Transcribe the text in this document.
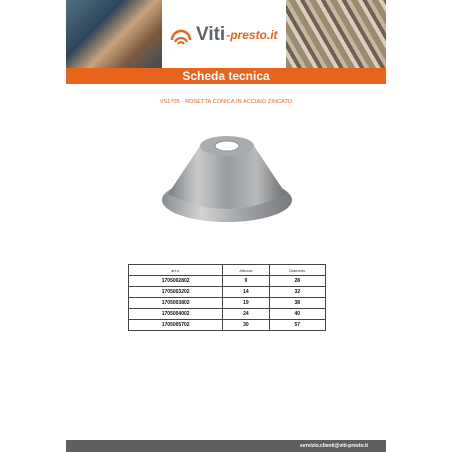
Viti -presto.it
Scheda tecnica
VS1705 - ROSETTA CONICA IN ACCIAIO ZINCATO
art.n.	Altezza	Diametro
1705002802	9	28
1705003202	14	32
1705003802	19	38
1705004002	24	40
1705005702	30	57
servizio.clienti@viti-presto.it
